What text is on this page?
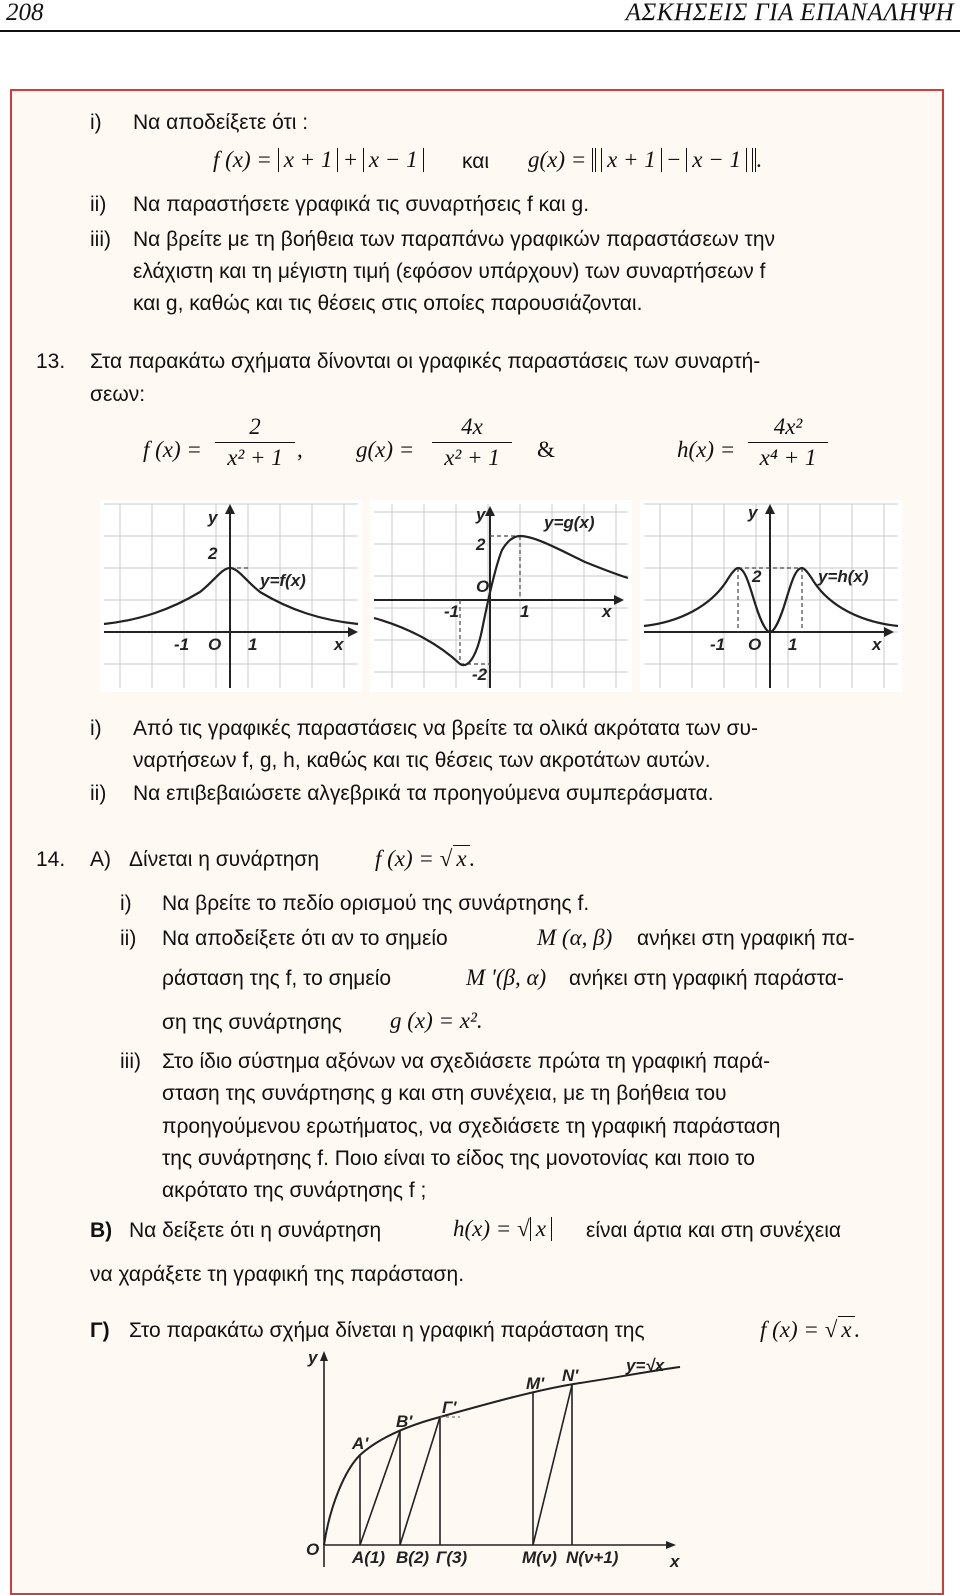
208	ΑΣΚΗΣΕΙΣ ΓΙΑ ΕΠΑΝΑΛΗΨΗ
i) Να αποδείξετε ότι :
f (x) = x + 1 + x − 1 και g(x) = x + 1 − x − 1 .
ii) Να παραστήσετε γραφικά τις συναρτήσεις f και g.
iii) Να βρείτε με τη βοήθεια των παραπάνω γραφικών παραστάσεων την
ελάχιστη και τη μέγιστη τιμή (εφόσον υπάρχουν) των συναρτήσεων f
και g, καθώς και τις θέσεις στις οποίες παρουσιάζονται.
13. Στα παρακάτω σχήματα δίνονται οι γραφικές παραστάσεις των συναρτή-
σεων:
f $(x) = \frac{2}{\text{x² + 1}}$ , $g(x) = \frac{4x}{\text{x² + 1}}$ &	$h(x) = \frac{\text{4x²}}{\text{x⁴ + 1}}$
y
2
y=f(x)
-1 O 1	x
y
2
y=g(x)
O
-1	1	x
-2
y
2	y=h(x)
-1 O 1	x
i) Από τις γραφικές παραστάσεις να βρείτε τα ολικά ακρότατα των συ-
ναρτήσεων f, g, h, καθώς και τις θέσεις των ακροτάτων αυτών.
ii) Να επιβεβαιώσετε αλγεβρικά τα προηγούμενα συμπεράσματα.
14. Α) Δίνεται η συνάρτηση f (x) = √ x .
i) Να βρείτε το πεδίο ορισμού της συνάρτησης f.
ii) Να αποδείξετε ότι αν το σημείο	M (α, β) ανήκει στη γραφική πα-
ράσταση της f, το σημείο	M '(β, α) ανήκει στη γραφική παράστα-
ση της συνάρτησης g (x) = x².
iii) Στο ίδιο σύστημα αξόνων να σχεδιάσετε πρώτα τη γραφική παρά-
σταση της συνάρτησης g και στη συνέχεια, με τη βοήθεια του
προηγούμενου ερωτήματος, να σχεδιάσετε τη γραφική παράσταση
της συνάρτησης f. Ποιο είναι το είδος της μονοτονίας και ποιο το
ακρότατο της συνάρτησης f ;
Β) Να δείξετε ότι η συνάρτηση	h(x) = √ x είναι άρτια και στη συνέχεια
να χαράξετε τη γραφική της παράσταση.
Γ) Στο παρακάτω σχήμα δίνεται η γραφική παράσταση της	f (x) = √ x .
y	y=√x
O
x
A'
B'
Γ'
M' N'
A(1) B(2) Γ(3)	M(ν) N(ν+1)
